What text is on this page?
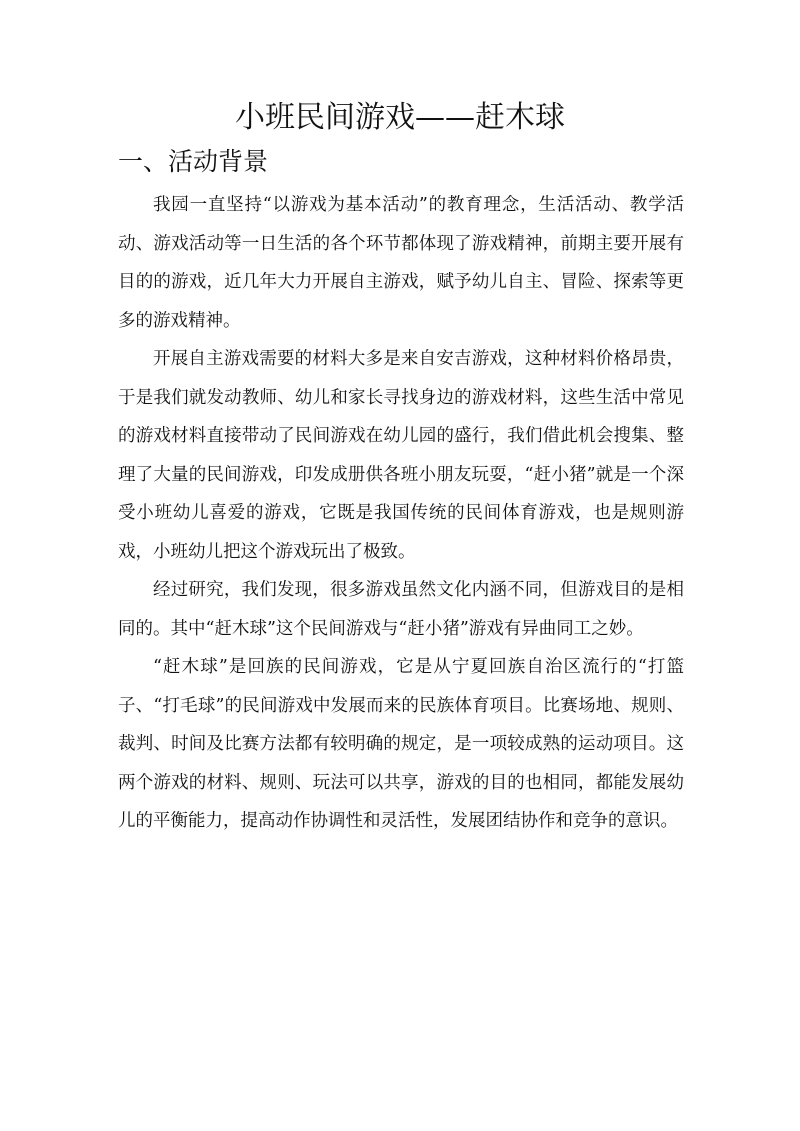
小班民间游戏——赶木球
一、活动背景

我园一直坚持“以游戏为基本活动”的教育理念，生活活动、教学活动、游戏活动等一日生活的各个环节都体现了游戏精神，前期主要开展有目的的游戏，近几年大力开展自主游戏，赋予幼儿自主、冒险、探索等更多的游戏精神。

开展自主游戏需要的材料大多是来自安吉游戏，这种材料价格昂贵，于是我们就发动教师、幼儿和家长寻找身边的游戏材料，这些生活中常见的游戏材料直接带动了民间游戏在幼儿园的盛行，我们借此机会搜集、整理了大量的民间游戏，印发成册供各班小朋友玩耍，“赶小猪”就是一个深受小班幼儿喜爱的游戏，它既是我国传统的民间体育游戏，也是规则游戏，小班幼儿把这个游戏玩出了极致。

经过研究，我们发现，很多游戏虽然文化内涵不同，但游戏目的是相同的。其中“赶木球”这个民间游戏与“赶小猪”游戏有异曲同工之妙。

“赶木球”是回族的民间游戏，它是从宁夏回族自治区流行的“打篮子、“打毛球”的民间游戏中发展而来的民族体育项目。比赛场地、规则、裁判、时间及比赛方法都有较明确的规定，是一项较成熟的运动项目。这两个游戏的材料、规则、玩法可以共享，游戏的目的也相同，都能发展幼儿的平衡能力，提高动作协调性和灵活性，发展团结协作和竞争的意识。
